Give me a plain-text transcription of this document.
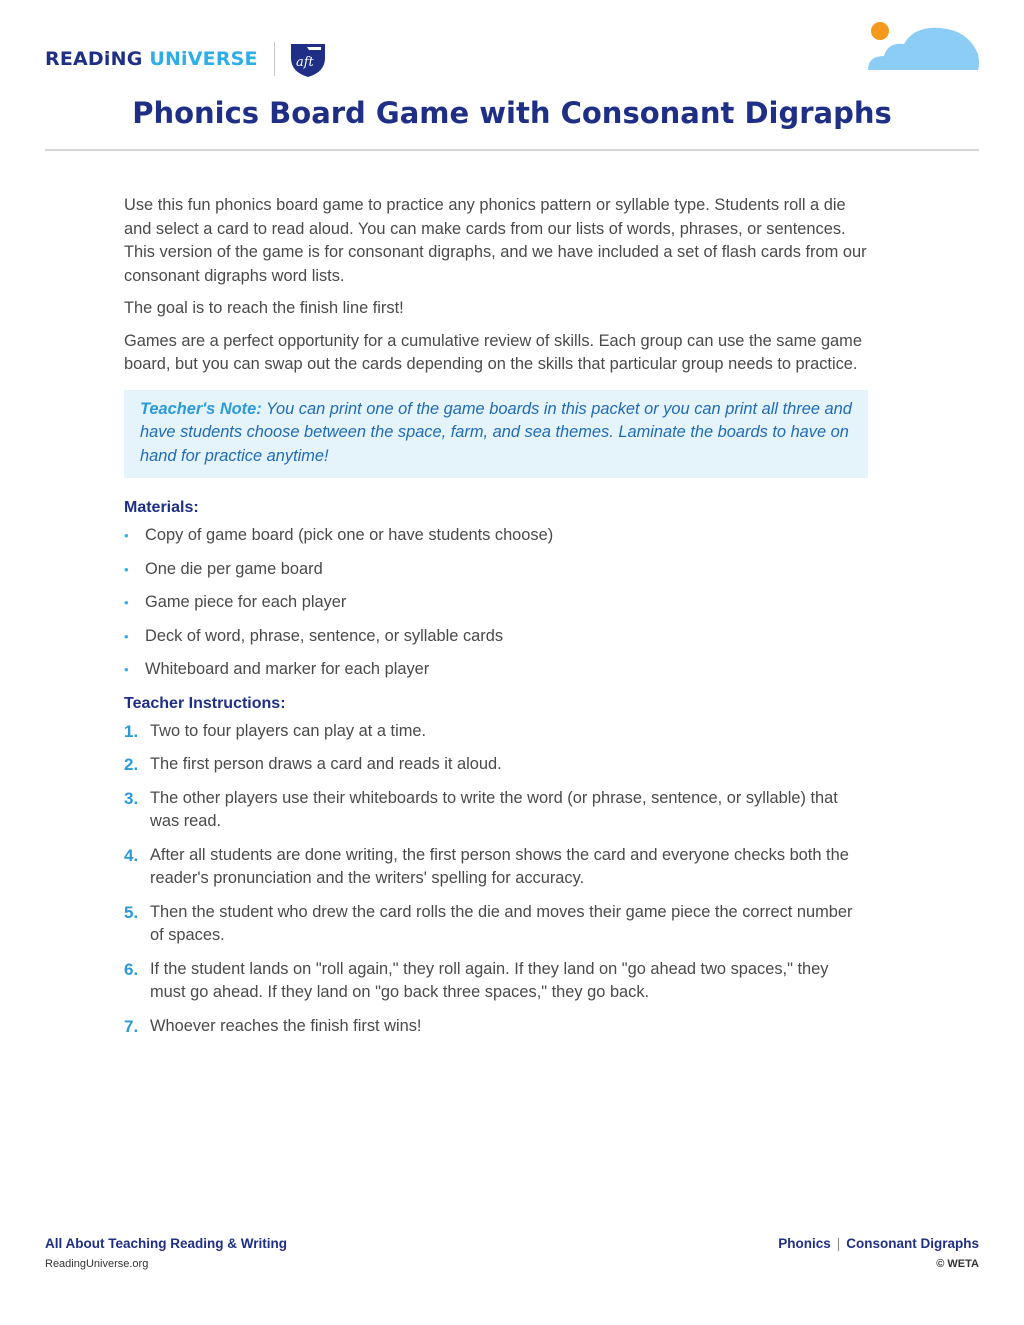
READiNG UNiVERSE	aft
Phonics Board Game with Consonant Digraphs

Use this fun phonics board game to practice any phonics pattern or syllable type. Students roll a die and select a card to read aloud. You can make cards from our lists of words, phrases, or sentences. This version of the game is for consonant digraphs, and we have included a set of flash cards from our consonant digraphs word lists.

The goal is to reach the finish line first!

Games are a perfect opportunity for a cumulative review of skills. Each group can use the same game board, but you can swap out the cards depending on the skills that particular group needs to practice.

Teacher's Note: You can print one of the game boards in this packet or you can print all three and have students choose between the space, farm, and sea themes. Laminate the boards to have on hand for practice anytime!
Materials:
• Copy of game board (pick one or have students choose)
• One die per game board
• Game piece for each player
• Deck of word, phrase, sentence, or syllable cards
• Whiteboard and marker for each player
Teacher Instructions:
1. Two to four players can play at a time.
2. The first person draws a card and reads it aloud.
3. The other players use their whiteboards to write the word (or phrase, sentence, or syllable) that was read.
4. After all students are done writing, the first person shows the card and everyone checks both the reader's pronunciation and the writers' spelling for accuracy.
5. Then the student who drew the card rolls the die and moves their game piece the correct number of spaces.
6. If the student lands on "roll again," they roll again. If they land on "go ahead two spaces," they must go ahead. If they land on "go back three spaces," they go back.
7. Whoever reaches the finish first wins!
All About Teaching Reading & Writing
ReadingUniverse.org
Phonics | Consonant Digraphs
© WETA
